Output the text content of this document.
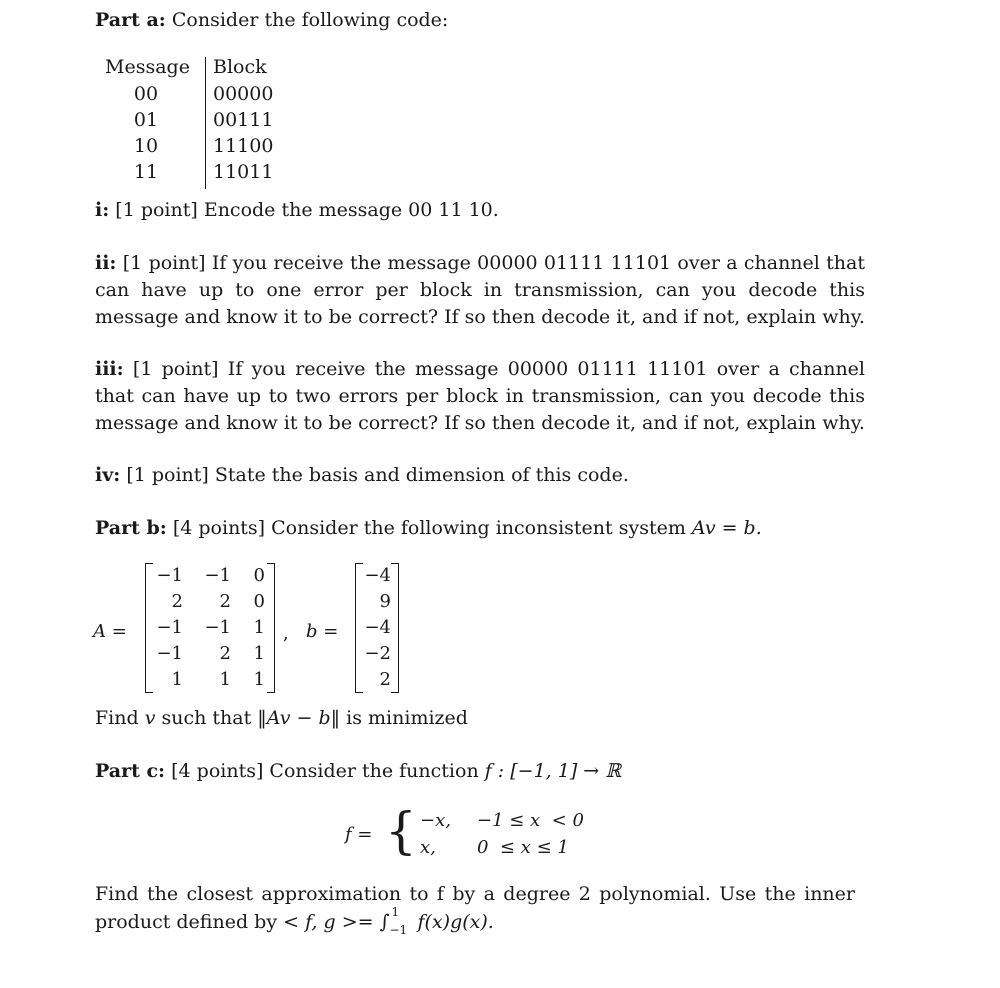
Part a: Consider the following code:
Message Block
00	00000
01	00111
10	11100
11	11011
i: [1 point] Encode the message 00 11 10.
ii: [1 point] If you receive the message 00000 01111 11101 over a channel that can have up to one error per block in transmission, can you decode this message and know it to be correct? If so then decode it, and if not, explain why.
iii: [1 point] If you receive the message 00000 01111 11101 over a channel that can have up to two errors per block in transmission, can you decode this message and know it to be correct? If so then decode it, and if not, explain why.
iv: [1 point] State the basis and dimension of this code.
Part b: [4 points] Consider the following inconsistent system Av = b.
A =
−1 −1	0
2	2	0
−1 −1	1
−1	2	1
1	1	1
, b =
−4
9
−4
−2
2
Find v such that ‖Av − b‖ is minimized
Part c: [4 points] Consider the function f : [−1, 1] → ℝ
f = { −x, −1 ≤ x  < 0
x, 0  ≤ x ≤ 1
Find the closest approximation to f by a degree 2 polynomial. Use the inner
product defined by < f, g >= ∫ 1
−1 f(x)g(x).
